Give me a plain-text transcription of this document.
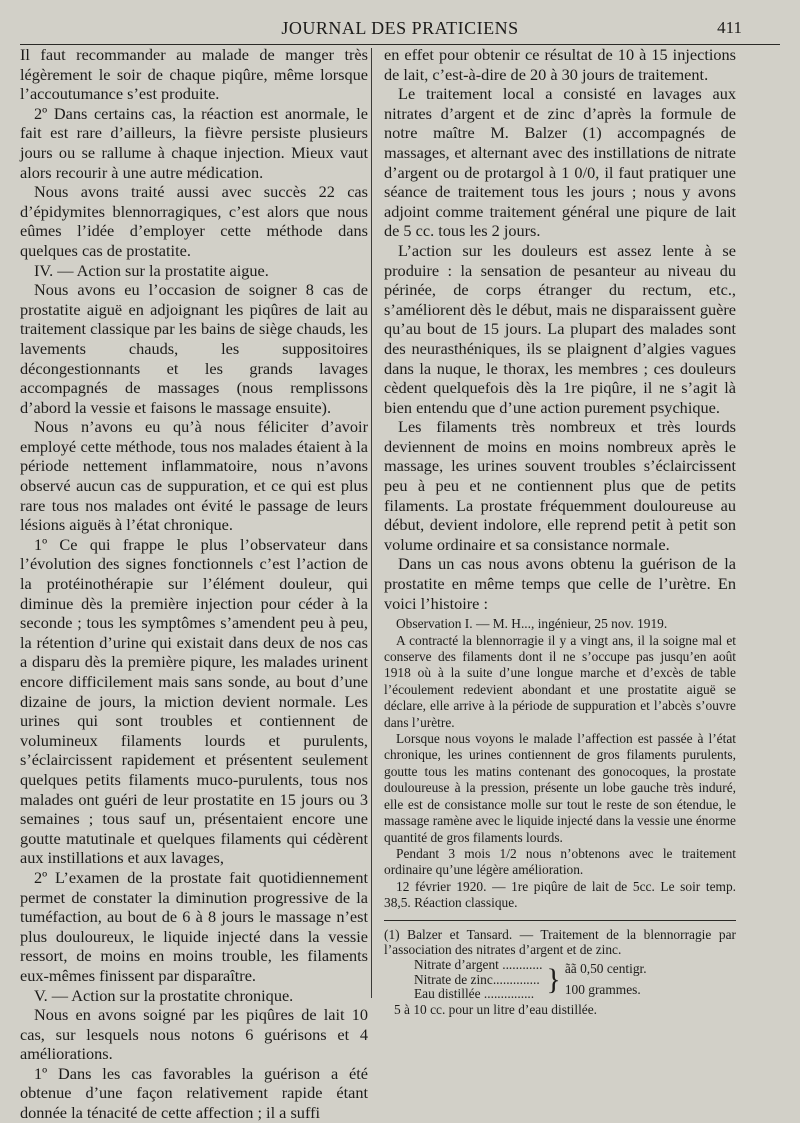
JOURNAL DES PRATICIENS	411

Il faut recommander au malade de manger très légèrement le soir de chaque piqûre, même lorsque l’accoutumance s’est produite.

2º Dans certains cas, la réaction est anormale, le fait est rare d’ailleurs, la fièvre persiste plusieurs jours ou se rallume à chaque injection. Mieux vaut alors recourir à une autre médication.

Nous avons traité aussi avec succès 22 cas d’épidymites blennorragiques, c’est alors que nous eûmes l’idée d’employer cette méthode dans quelques cas de prostatite.

IV. — Action sur la prostatite aigue.

Nous avons eu l’occasion de soigner 8 cas de prostatite aiguë en adjoignant les piqûres de lait au traitement classique par les bains de siège chauds, les lavements chauds, les suppositoires décongestionnants et les grands lavages accompagnés de massages (nous remplissons d’abord la vessie et faisons le massage ensuite).

Nous n’avons eu qu’à nous féliciter d’avoir employé cette méthode, tous nos malades étaient à la période nettement inflammatoire, nous n’avons observé aucun cas de suppuration, et ce qui est plus rare tous nos malades ont évité le passage de leurs lésions aiguës à l’état chronique.

1º Ce qui frappe le plus l’observateur dans l’évolution des signes fonctionnels c’est l’action de la protéinothérapie sur l’élément douleur, qui diminue dès la première injection pour céder à la seconde ; tous les symptômes s’amendent peu à peu, la rétention d’urine qui existait dans deux de nos cas a disparu dès la première piqure, les malades urinent encore difficilement mais sans sonde, au bout d’une dizaine de jours, la miction devient normale. Les urines qui sont troubles et contiennent de volumineux filaments lourds et purulents, s’éclaircissent rapidement et présentent seulement quelques petits filaments muco-purulents, tous nos malades ont guéri de leur prostatite en 15 jours ou 3 semaines ; tous sauf un, présentaient encore une goutte matutinale et quelques filaments qui cédèrent aux instillations et aux lavages,

2º L’examen de la prostate fait quotidiennement permet de constater la diminution progressive de la tuméfaction, au bout de 6 à 8 jours le massage n’est plus douloureux, le liquide injecté dans la vessie ressort, de moins en moins trouble, les filaments eux-mêmes finissent par disparaître.

V. — Action sur la prostatite chronique.

Nous en avons soigné par les piqûres de lait 10 cas, sur lesquels nous notons 6 guérisons et 4 améliorations.

1º Dans les cas favorables la guérison a été obtenue d’une façon relativement rapide étant donnée la ténacité de cette affection ; il a suffi

en effet pour obtenir ce résultat de 10 à 15 injections de lait, c’est-à-dire de 20 à 30 jours de traitement.

Le traitement local a consisté en lavages aux nitrates d’argent et de zinc d’après la formule de notre maître M. Balzer (1) accompagnés de massages, et alternant avec des instillations de nitrate d’argent ou de protargol à 1 0/0, il faut pratiquer une séance de traitement tous les jours ; nous y avons adjoint comme traitement général une piqure de lait de 5 cc. tous les 2 jours.

L’action sur les douleurs est assez lente à se produire : la sensation de pesanteur au niveau du périnée, de corps étranger du rectum, etc., s’améliorent dès le début, mais ne disparaissent guère qu’au bout de 15 jours. La plupart des malades sont des neurasthéniques, ils se plaignent d’algies vagues dans la nuque, le thorax, les membres ; ces douleurs cèdent quelquefois dès la 1re piqûre, il ne s’agit là bien entendu que d’une action purement psychique.

Les filaments très nombreux et très lourds deviennent de moins en moins nombreux après le massage, les urines souvent troubles s’éclaircissent peu à peu et ne contiennent plus que de petits filaments. La prostate fréquemment douloureuse au début, devient indolore, elle reprend petit à petit son volume ordinaire et sa consistance normale.

Dans un cas nous avons obtenu la guérison de la prostatite en même temps que celle de l’urètre. En voici l’histoire :

Observation I. — M. H..., ingénieur, 25 nov. 1919.

A contracté la blennorragie il y a vingt ans, il la soigne mal et conserve des filaments dont il ne s’occupe pas jusqu’en août 1918 où à la suite d’une longue marche et d’excès de table l’écoulement redevient abondant et une prostatite aiguë se déclare, elle arrive à la période de suppuration et l’abcès s’ouvre dans l’urètre.

Lorsque nous voyons le malade l’affection est passée à l’état chronique, les urines contiennent de gros filaments purulents, goutte tous les matins contenant des gonocoques, la prostate douloureuse à la pression, présente un lobe gauche très induré, elle est de consistance molle sur tout le reste de son étendue, le massage ramène avec le liquide injecté dans la vessie une énorme quantité de gros filaments lourds.

Pendant 3 mois 1/2 nous n’obtenons avec le traitement ordinaire qu’une légère amélioration.

12 février 1920. — 1re piqûre de lait de 5cc. Le soir temp. 38,5. Réaction classique.

(1) Balzer et Tansard. — Traitement de la blennorragie par l’association des nitrates d’argent et de zinc.

Nitrate d’argent ............
Nitrate de zinc..............
Eau distillée ............... } ãã 0,50 centigr.
100 grammes.
5 à 10 cc. pour un litre d’eau distillée.
